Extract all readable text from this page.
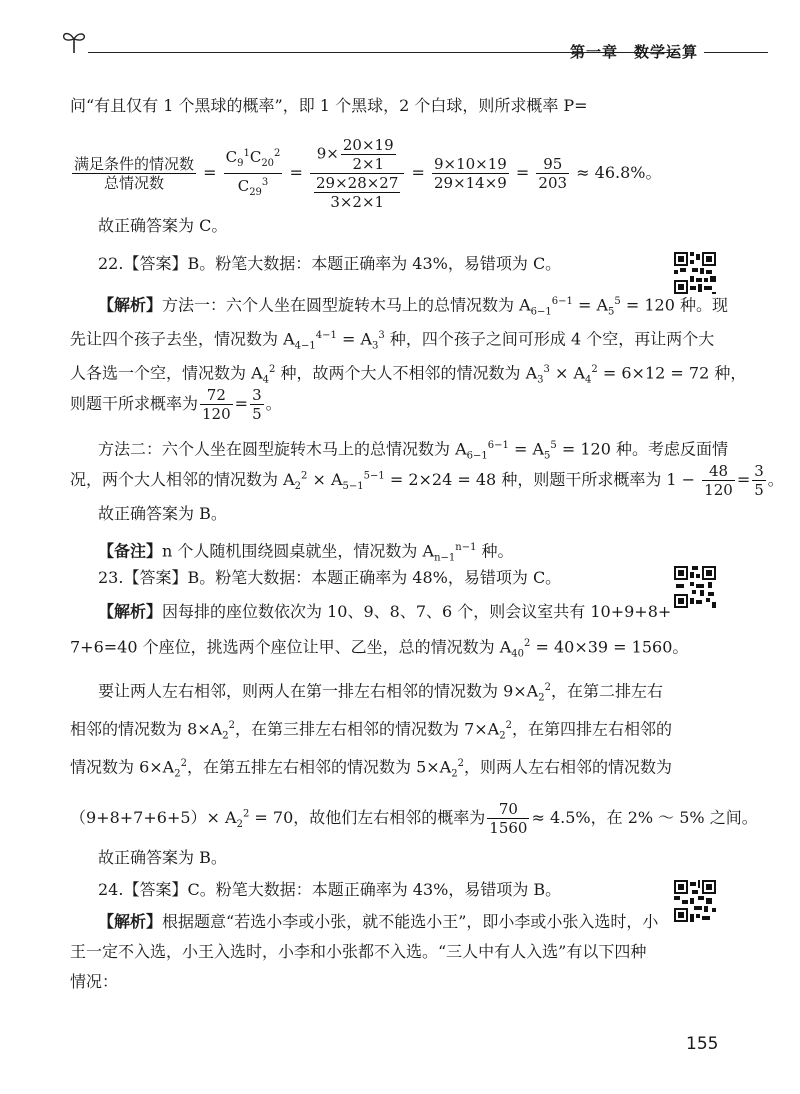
第一章　数学运算
问“有且仅有 1 个黑球的概率”，即 1 个黑球，2 个白球，则所求概率 P=
$\frac{\text{满足条件的情况数}}{\text{总情况数}} = \frac{C_9^1C_{20}^2}{C_{29}^3} = \frac{9\times \frac{20\times 19}{2\times 1}}{\frac{29\times 28\times 27}{3\times 2\times 1}} = \frac{9\times 10\times 19}{29\times 14\times 9} = \frac{95}{203} \approx 46.8\%$。
故正确答案为 C。
22.【答案】B。粉笔大数据：本题正确率为 43%，易错项为 C。
【解析】方法一：六个人坐在圆型旋转木马上的总情况数为 $A_{6-1}^{6-1} = A_5^5 = 120$ 种。现
先让四个孩子去坐，情况数为 $A_{4-1}^{4-1} = A_3^3$ 种，四个孩子之间可形成 4 个空，再让两个大
人各选一个空，情况数为 $A_4^2$ 种，故两个大人不相邻的情况数为 $A_3^3 \times A_4^2 = 6\times 12 = 72$ 种，
则题干所求概率为 $\frac{72}{120} = \frac{3}{5}$ 。
方法二：六个人坐在圆型旋转木马上的总情况数为 $A_{6-1}^{6-1} = A_5^5 = 120$ 种。考虑反面情
况，两个大人相邻的情况数为 $A_2^2 \times A_{5-1}^{5-1} = 2\times 24 = 48$ 种，则题干所求概率为 $1 - \frac{48}{120} = \frac{3}{5}$ 。
故正确答案为 B。
【备注】n 个人随机围绕圆桌就坐，情况数为 $A_{n-1}^{n-1}$ 种。
23.【答案】B。粉笔大数据：本题正确率为 48%，易错项为 C。
【解析】因每排的座位数依次为 10、9、8、7、6 个，则会议室共有 10+9+8+
7+6=40 个座位，挑选两个座位让甲、乙坐，总的情况数为 $A_{40}^2 = 40\times 39 = 1560$。
要让两人左右相邻，则两人在第一排左右相邻的情况数为 $9\times A_2^2$，在第二排左右
相邻的情况数为 $8\times A_2^2$，在第三排左右相邻的情况数为 $7\times A_2^2$，在第四排左右相邻的
情况数为 $6\times A_2^2$，在第五排左右相邻的情况数为 $5\times A_2^2$，则两人左右相邻的情况数为
$(9+8+7+6+5)\times A_2^2 = 70$，故他们左右相邻的概率为 $\frac{70}{1560} \approx 4.5\%$，在 2% ～ 5% 之间。
故正确答案为 B。
24.【答案】C。粉笔大数据：本题正确率为 43%，易错项为 B。
【解析】根据题意“若选小李或小张，就不能选小王”，即小李或小张入选时，小
王一定不入选，小王入选时，小李和小张都不入选。“三人中有人入选”有以下四种
情况：
155
